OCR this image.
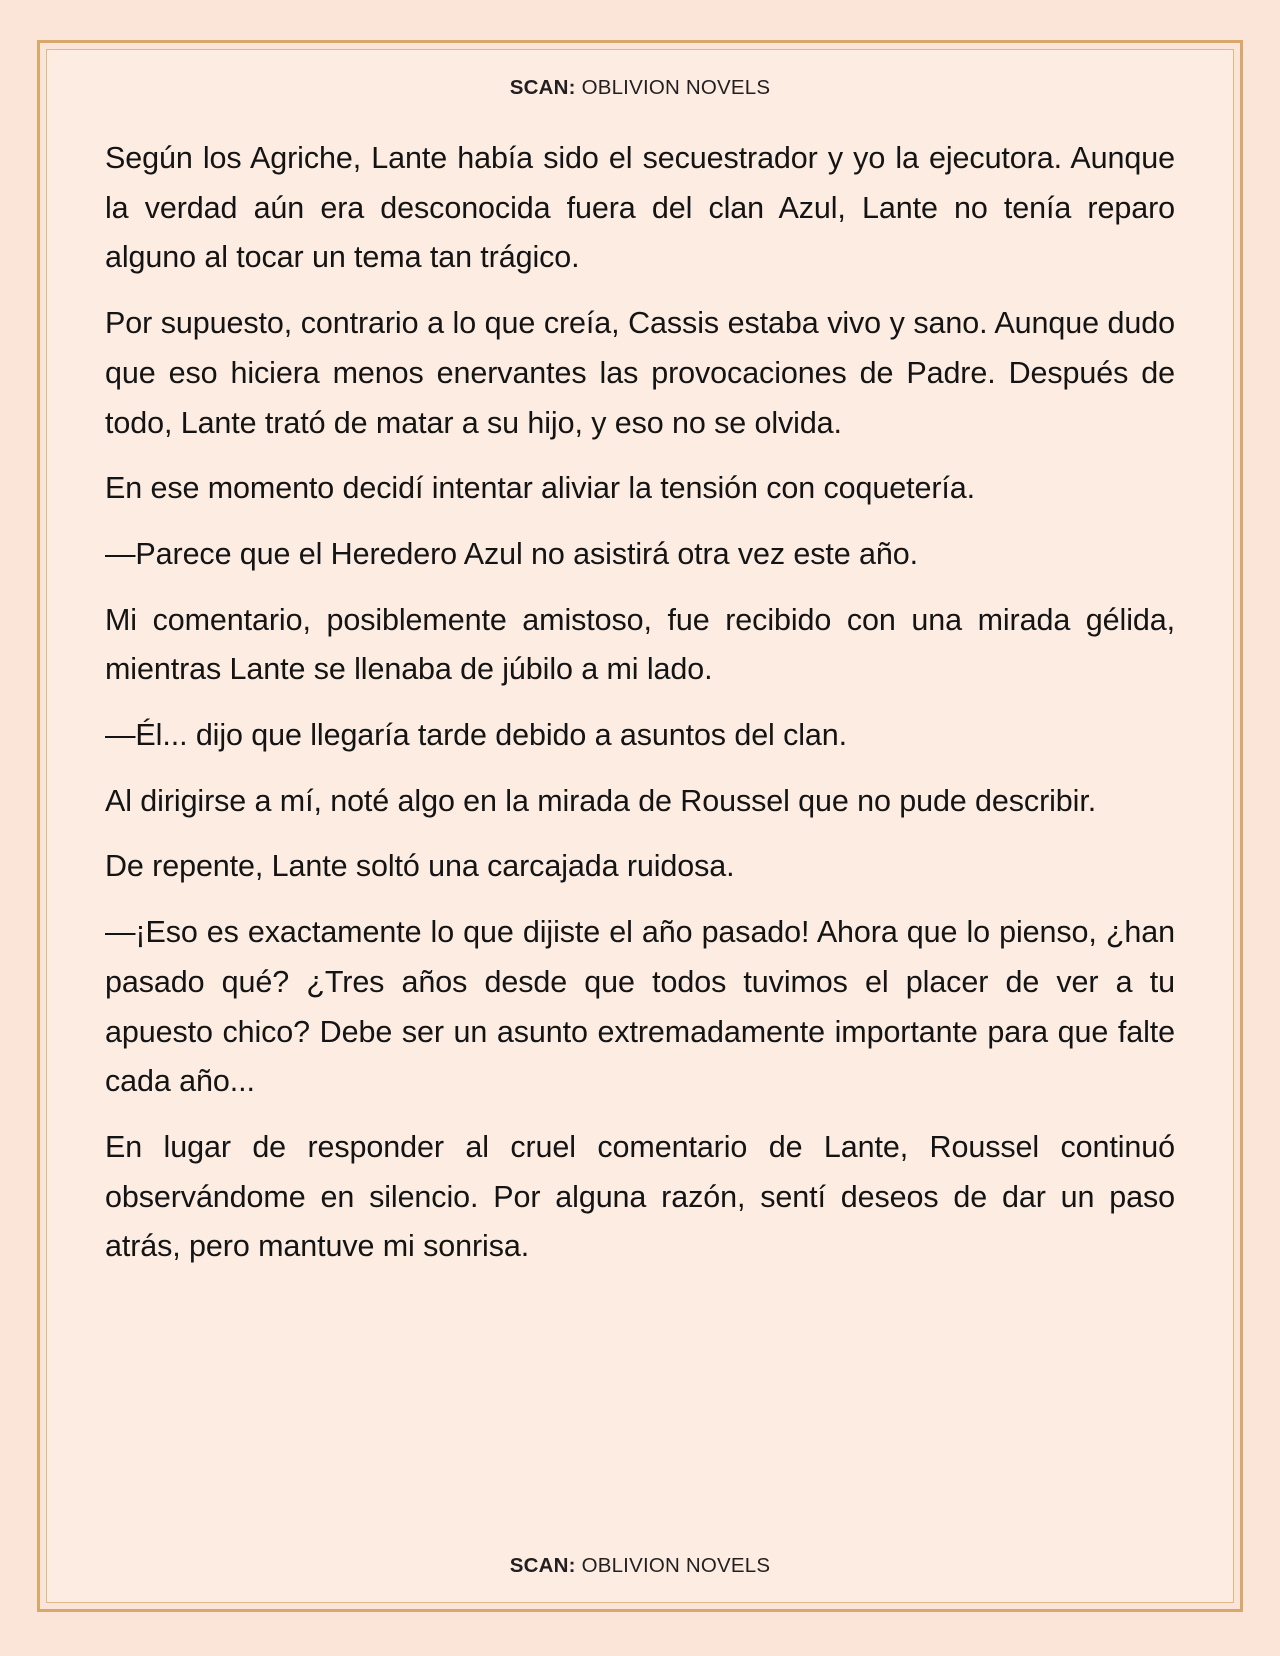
SCAN: OBLIVION NOVELS

Según los Agriche, Lante había sido el secuestrador y yo la ejecutora. Aunque la verdad aún era desconocida fuera del clan Azul, Lante no tenía reparo alguno al tocar un tema tan trágico.

Por supuesto, contrario a lo que creía, Cassis estaba vivo y sano. Aunque dudo que eso hiciera menos enervantes las provocaciones de Padre. Después de todo, Lante trató de matar a su hijo, y eso no se olvida.

En ese momento decidí intentar aliviar la tensión con coquetería.

—Parece que el Heredero Azul no asistirá otra vez este año.

Mi comentario, posiblemente amistoso, fue recibido con una mirada gélida, mientras Lante se llenaba de júbilo a mi lado.

—Él... dijo que llegaría tarde debido a asuntos del clan.

Al dirigirse a mí, noté algo en la mirada de Roussel que no pude describir.

De repente, Lante soltó una carcajada ruidosa.

—¡Eso es exactamente lo que dijiste el año pasado! Ahora que lo pienso, ¿han pasado qué? ¿Tres años desde que todos tuvimos el placer de ver a tu apuesto chico? Debe ser un asunto extremadamente importante para que falte cada año...

En lugar de responder al cruel comentario de Lante, Roussel continuó observándome en silencio. Por alguna razón, sentí deseos de dar un paso atrás, pero mantuve mi sonrisa.

SCAN: OBLIVION NOVELS
